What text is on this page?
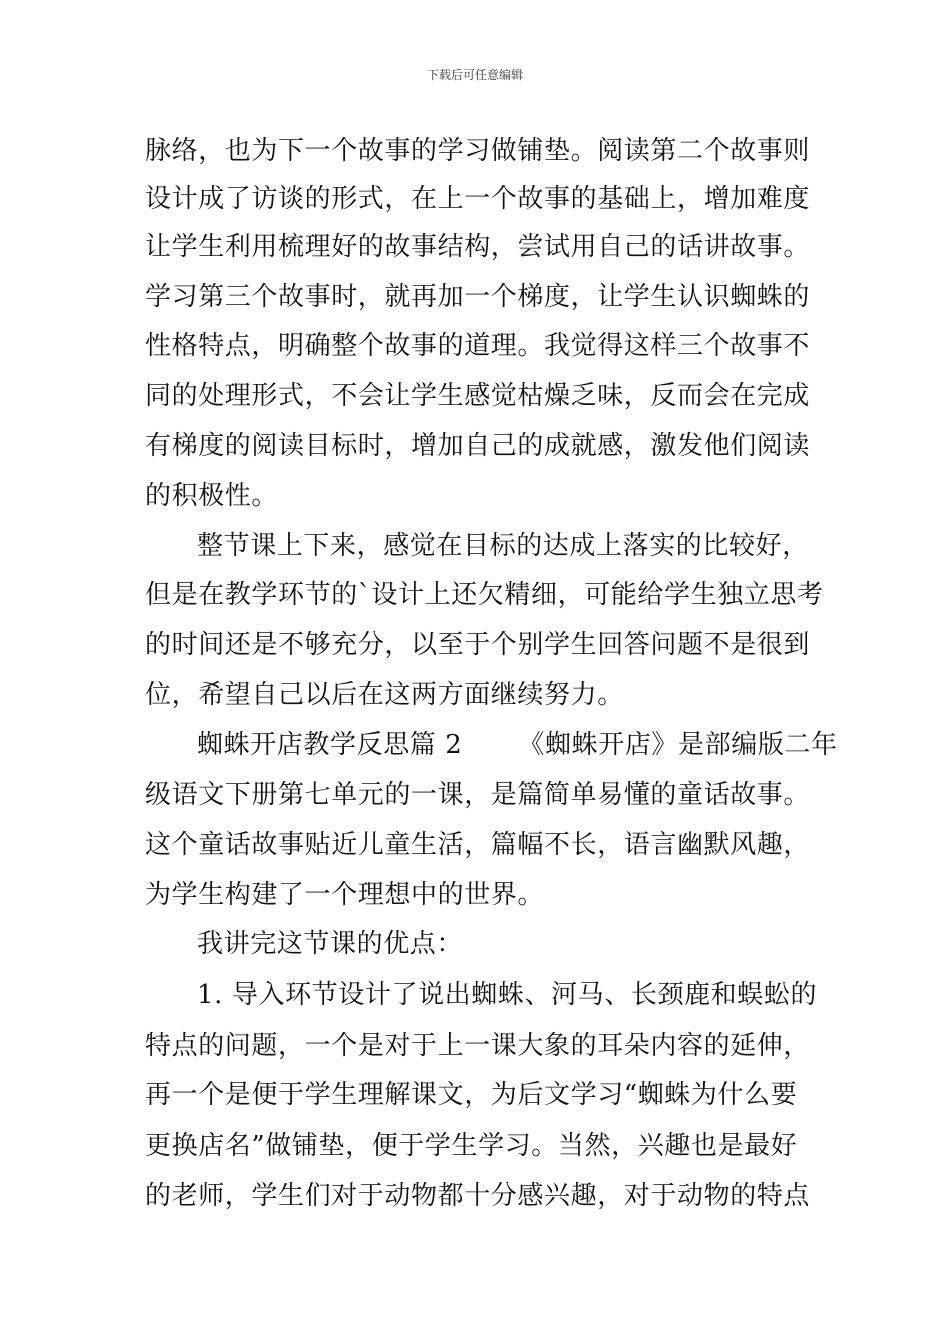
下载后可任意编辑
脉络，也为下一个故事的学习做铺垫。阅读第二个故事则
设计成了访谈的形式，在上一个故事的基础上，增加难度
让学生利用梳理好的故事结构，尝试用自己的话讲故事。
学习第三个故事时，就再加一个梯度，让学生认识蜘蛛的
性格特点，明确整个故事的道理。我觉得这样三个故事不
同的处理形式，不会让学生感觉枯燥乏味，反而会在完成
有梯度的阅读目标时，增加自己的成就感，激发他们阅读
的积极性。
整节课上下来，感觉在目标的达成上落实的比较好，
但是在教学环节的`设计上还欠精细，可能给学生独立思考
的时间还是不够充分，以至于个别学生回答问题不是很到
位，希望自己以后在这两方面继续努力。
蜘蛛开店教学反思篇 2 《蜘蛛开店》是部编版二年
级语文下册第七单元的一课，是篇简单易懂的童话故事。
这个童话故事贴近儿童生活，篇幅不长，语言幽默风趣，
为学生构建了一个理想中的世界。
我讲完这节课的优点：
1. 导入环节设计了说出蜘蛛、河马、长颈鹿和蜈蚣的
特点的问题，一个是对于上一课大象的耳朵内容的延伸，
再一个是便于学生理解课文，为后文学习“蜘蛛为什么要
更换店名”做铺垫，便于学生学习。当然，兴趣也是最好
的老师，学生们对于动物都十分感兴趣，对于动物的特点
